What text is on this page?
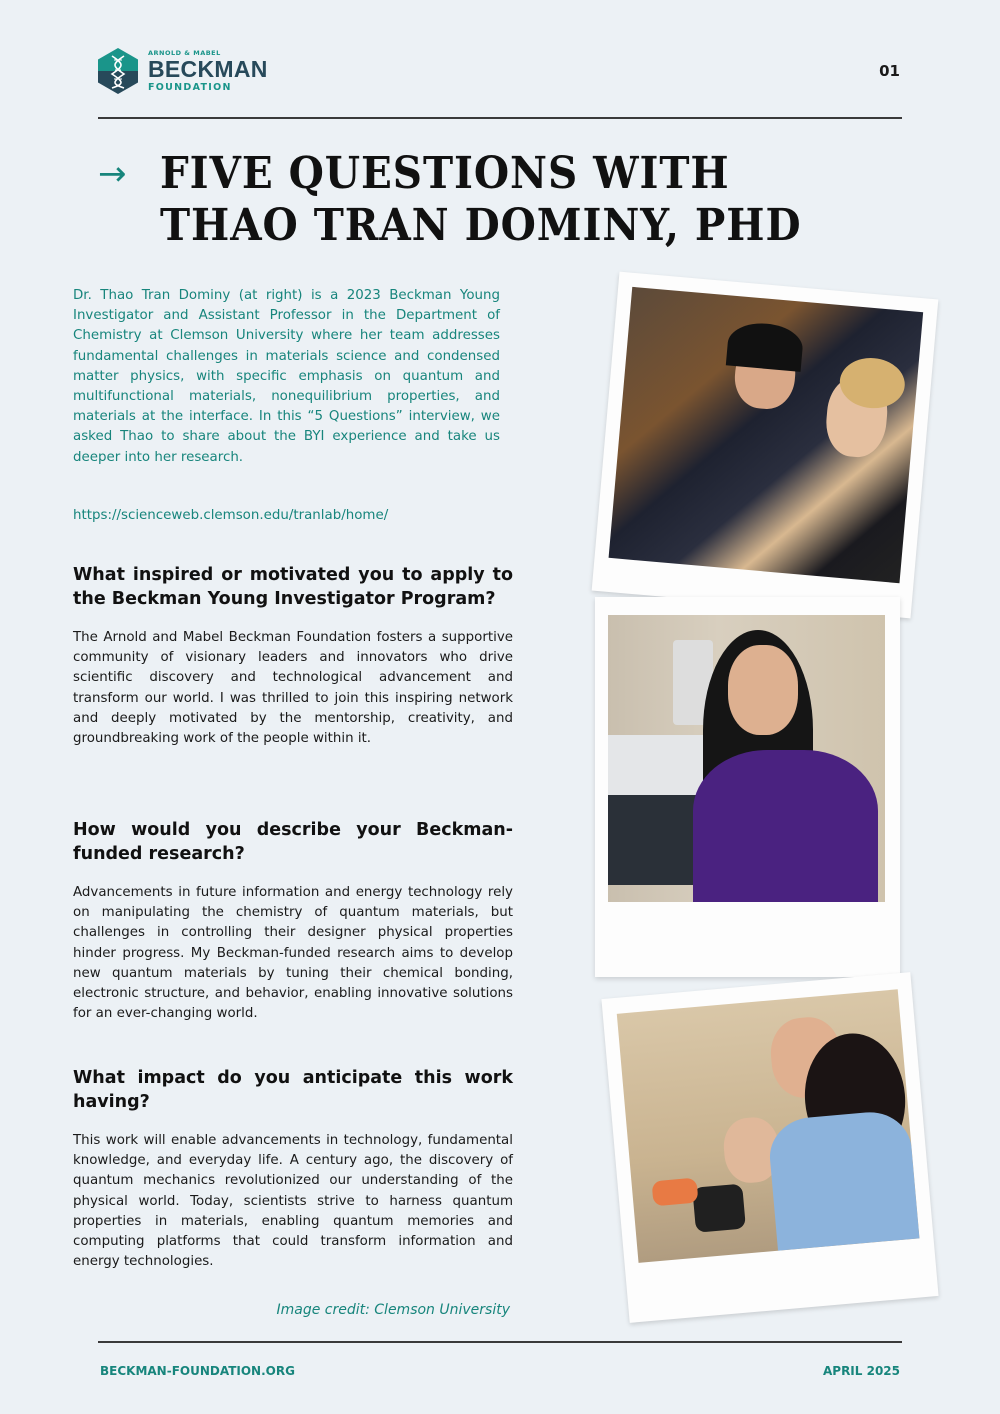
ARNOLD & MABEL
BECKMAN
FOUNDATION
01
→ FIVE QUESTIONS WITH
THAO TRAN DOMINY, PHD
Dr. Thao Tran Dominy (at right) is a 2023 Beckman Young Investigator and Assistant Professor in the Department of Chemistry at Clemson University where her team addresses fundamental challenges in materials science and condensed matter physics, with specific emphasis on quantum and multifunctional materials, nonequilibrium properties, and materials at the interface. In this “5 Questions” interview, we asked Thao to share about the BYI experience and take us deeper into her research.
https://scienceweb.clemson.edu/tranlab/home/

What inspired or motivated you to apply to the Beckman Young Investigator Program?

The Arnold and Mabel Beckman Foundation fosters a supportive community of visionary leaders and innovators who drive scientific discovery and technological advancement and transform our world. I was thrilled to join this inspiring network and deeply motivated by the mentorship, creativity, and groundbreaking work of the people within it.

How would you describe your Beckman-funded research?

Advancements in future information and energy technology rely on manipulating the chemistry of quantum materials, but challenges in controlling their designer physical properties hinder progress. My Beckman-funded research aims to develop new quantum materials by tuning their chemical bonding, electronic structure, and behavior, enabling innovative solutions for an ever-changing world.

What impact do you anticipate this work having?

This work will enable advancements in technology, fundamental knowledge, and everyday life. A century ago, the discovery of quantum mechanics revolutionized our understanding of the physical world. Today, scientists strive to harness quantum properties in materials, enabling quantum memories and computing platforms that could transform information and energy technologies.

Image credit: Clemson University
BECKMAN-FOUNDATION.ORG	APRIL 2025
